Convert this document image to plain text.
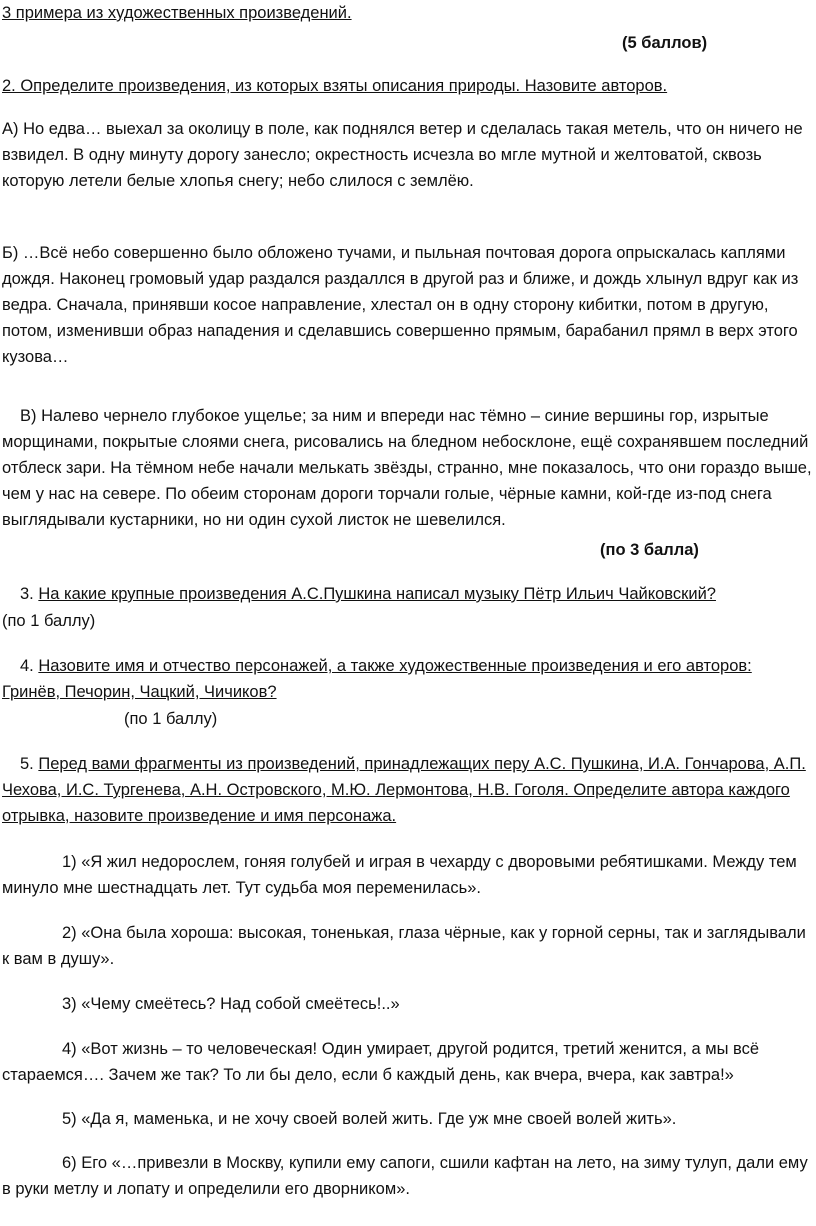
3 примера из художественных произведений.

(5 баллов)

2. Определите произведения, из которых взяты описания природы. Назовите авторов.

А) Но едва… выехал за околицу в поле, как поднялся ветер и сделалась такая метель, что он ничего не взвидел. В одну минуту дорогу занесло; окрестность исчезла во мгле мутной и желтоватой, сквозь которую летели белые хлопья снегу; небо слилося с землёю.

Б) …Всё небо совершенно было обложено тучами, и пыльная почтовая дорога опрыскалась каплями дождя. Наконец громовый удар раздался раздаллся в другой раз и ближе, и дождь хлынул вдруг как из ведра. Сначала, принявши косое направление, хлестал он в одну сторону кибитки, потом в другую, потом, изменивши образ нападения и сделавшись совершенно прямым, барабанил прямл в верх этого кузова…

В) Налево чернело глубокое ущелье; за ним и впереди нас тёмно – синие вершины гор, изрытые морщинами, покрытые слоями снега, рисовались на бледном небосклоне, ещё сохранявшем последний отблеск зари. На тёмном небе начали мелькать звёзды, странно, мне показалось, что они гораздо выше, чем у нас на севере. По обеим сторонам дороги торчали голые, чёрные камни, кой-где из-под снега выглядывали кустарники, но ни один сухой листок не шевелился.

(по 3 балла)

3. На какие крупные произведения А.С.Пушкина написал музыку Пётр Ильич Чайковский?

(по 1 баллу)

4. Назовите имя и отчество персонажей, а также художественные произведения и его авторов: Гринёв, Печорин, Чацкий, Чичиков?

(по 1 баллу)

5. Перед вами фрагменты из произведений, принадлежащих перу А.С. Пушкина, И.А. Гончарова, А.П. Чехова, И.С. Тургенева, А.Н. Островского, М.Ю. Лермонтова, Н.В. Гоголя. Определите автора каждого отрывка, назовите произведение и имя персонажа.

1) «Я жил недорослем, гоняя голубей и играя в чехарду с дворовыми ребятишками. Между тем минуло мне шестнадцать лет. Тут судьба моя переменилась».

2) «Она была хороша: высокая, тоненькая, глаза чёрные, как у горной серны, так и заглядывали к вам в душу».

3) «Чему смеётесь? Над собой смеётесь!..»

4) «Вот жизнь – то человеческая! Один умирает, другой родится, третий женится, а мы всё стараемся…. Зачем же так? То ли бы дело, если б каждый день, как вчера, вчера, как завтра!»

5) «Да я, маменька, и не хочу своей волей жить. Где уж мне своей волей жить».

6) Его «…привезли в Москву, купили ему сапоги, сшили кафтан на лето, на зиму тулуп, дали ему в руки метлу и лопату и определили его дворником».
